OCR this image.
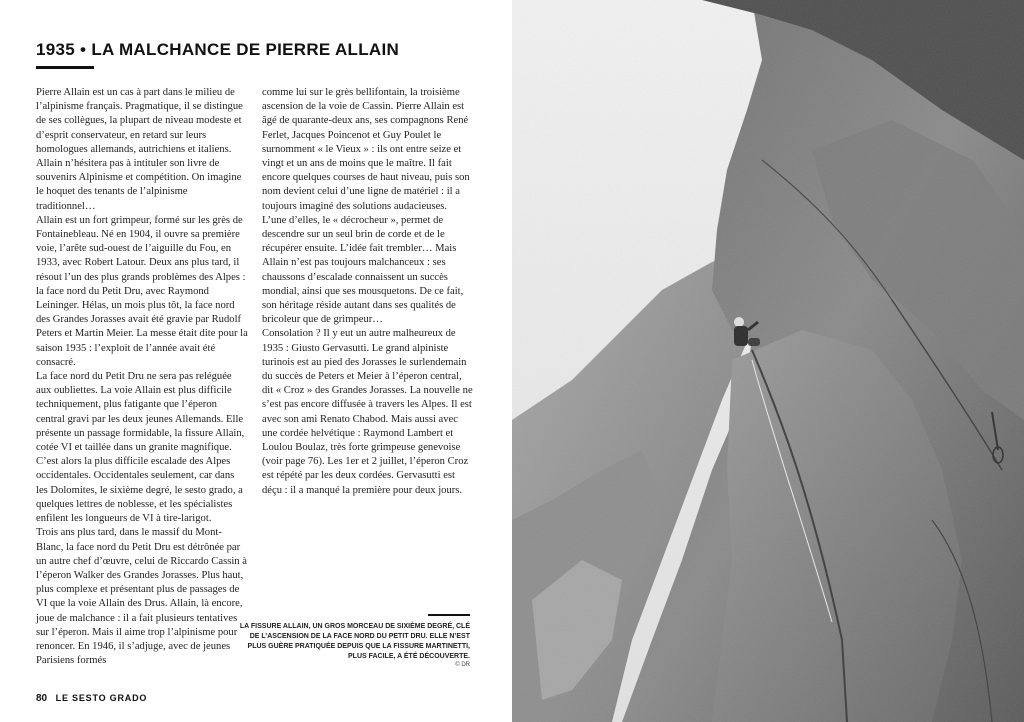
1935 • LA MALCHANCE DE PIERRE ALLAIN

Pierre Allain est un cas à part dans le milieu de l’alpinisme français. Pragmatique, il se distingue de ses collègues, la plupart de niveau modeste et d’esprit conservateur, en retard sur leurs homologues allemands, autrichiens et italiens. Allain n’hésitera pas à intituler son livre de souvenirs Alpinisme et compétition. On imagine le hoquet des tenants de l’alpinisme traditionnel…

Allain est un fort grimpeur, formé sur les grès de Fontainebleau. Né en 1904, il ouvre sa première voie, l’arête sud-ouest de l’aiguille du Fou, en 1933, avec Robert Latour. Deux ans plus tard, il résout l’un des plus grands problèmes des Alpes : la face nord du Petit Dru, avec Raymond Leininger. Hélas, un mois plus tôt, la face nord des Grandes Jorasses avait été gravie par Rudolf Peters et Martin Meier. La messe était dite pour la saison 1935 : l’exploit de l’année avait été consacré.

La face nord du Petit Dru ne sera pas reléguée aux oubliettes. La voie Allain est plus difficile techniquement, plus fatigante que l’éperon central gravi par les deux jeunes Allemands. Elle présente un passage formidable, la fissure Allain, cotée VI et taillée dans un granite magnifique. C’est alors la plus difficile escalade des Alpes occidentales. Occidentales seulement, car dans les Dolomites, le sixième degré, le sesto grado, a quelques lettres de noblesse, et les spécialistes enfilent les longueurs de VI à tire-larigot.

Trois ans plus tard, dans le massif du Mont-Blanc, la face nord du Petit Dru est détrônée par un autre chef d’œuvre, celui de Riccardo Cassin à l’éperon Walker des Grandes Jorasses. Plus haut, plus complexe et présentant plus de passages de VI que la voie Allain des Drus. Allain, là encore, joue de malchance : il a fait plusieurs tentatives sur l’éperon. Mais il aime trop l’alpinisme pour renoncer. En 1946, il s’adjuge, avec de jeunes Parisiens formés

comme lui sur le grès bellifontain, la troisième ascension de la voie de Cassin. Pierre Allain est âgé de quarante-deux ans, ses compagnons René Ferlet, Jacques Poincenot et Guy Poulet le surnomment « le Vieux » : ils ont entre seize et vingt et un ans de moins que le maître. Il fait encore quelques courses de haut niveau, puis son nom devient celui d’une ligne de matériel : il a toujours imaginé des solutions audacieuses. L’une d’elles, le « décrocheur », permet de descendre sur un seul brin de corde et de le récupérer ensuite. L’idée fait trembler… Mais Allain n’est pas toujours malchanceux : ses chaussons d’escalade connaissent un succès mondial, ainsi que ses mousquetons. De ce fait, son héritage réside autant dans ses qualités de bricoleur que de grimpeur…

Consolation ? Il y eut un autre malheureux de 1935 : Giusto Gervasutti. Le grand alpiniste turinois est au pied des Jorasses le surlendemain du succès de Peters et Meier à l’éperon central, dit « Croz » des Grandes Jorasses. La nouvelle ne s’est pas encore diffusée à travers les Alpes. Il est avec son ami Renato Chabod. Mais aussi avec une cordée helvétique : Raymond Lambert et Loulou Boulaz, très forte grimpeuse genevoise (voir page 76). Les 1er et 2 juillet, l’éperon Croz est répété par les deux cordées. Gervasutti est déçu : il a manqué la première pour deux jours.

LA FISSURE ALLAIN, UN GROS MORCEAU DE SIXIÈME DEGRÉ, CLÉ DE L’ASCENSION DE LA FACE NORD DU PETIT DRU. ELLE N’EST PLUS GUÈRE PRATIQUÉE DEPUIS QUE LA FISSURE MARTINETTI, PLUS FACILE, A ÉTÉ DÉCOUVERTE.

© DR
80 LE SESTO GRADO
